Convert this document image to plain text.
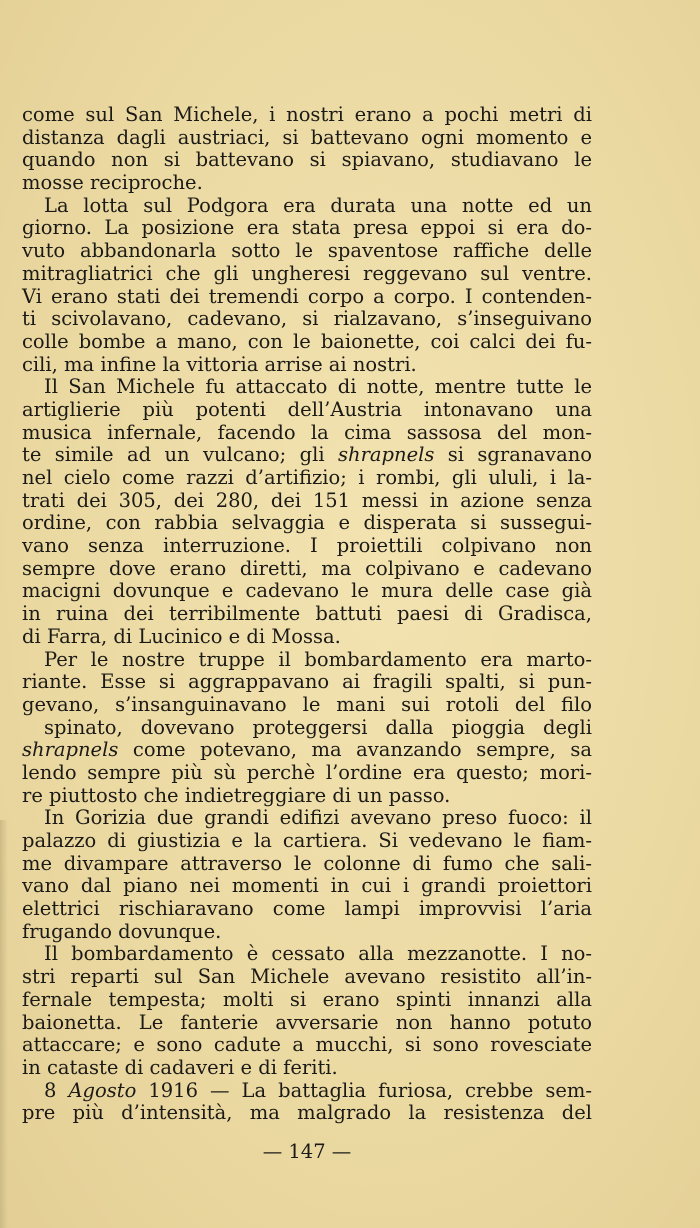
come sul San Michele, i nostri erano a pochi metri di
distanza dagli austriaci, si battevano ogni momento e
quando non si battevano si spiavano, studiavano le
mosse reciproche.
La lotta sul Podgora era durata una notte ed un
giorno. La posizione era stata presa eppoi si era do-
vuto abbandonarla sotto le spaventose raffiche delle
mitragliatrici che gli ungheresi reggevano sul ventre.
Vi erano stati dei tremendi corpo a corpo. I contenden-
ti scivolavano, cadevano, si rialzavano, s’inseguivano
colle bombe a mano, con le baionette, coi calci dei fu-
cili, ma infine la vittoria arrise ai nostri.
Il San Michele fu attaccato di notte, mentre tutte le
artiglierie più potenti dell’Austria intonavano una
musica infernale, facendo la cima sassosa del mon-
te simile ad un vulcano; gli shrapnels si sgranavano
nel cielo come razzi d’artifizio; i rombi, gli ululi, i la-
trati dei 305, dei 280, dei 151 messi in azione senza
ordine, con rabbia selvaggia e disperata si sussegui-
vano senza interruzione. I proiettili colpivano non
sempre dove erano diretti, ma colpivano e cadevano
macigni dovunque e cadevano le mura delle case già
in ruina dei terribilmente battuti paesi di Gradisca,
di Farra, di Lucinico e di Mossa.
Per le nostre truppe il bombardamento era marto-
riante. Esse si aggrappavano ai fragili spalti, si pun-
gevano, s’insanguinavano le mani sui rotoli del filo
spinato, dovevano proteggersi dalla pioggia degli
shrapnels come potevano, ma avanzando sempre, sa
lendo sempre più sù perchè l’ordine era questo; mori-
re piuttosto che indietreggiare di un passo.
In Gorizia due grandi edifizi avevano preso fuoco: il
palazzo di giustizia e la cartiera. Si vedevano le fiam-
me divampare attraverso le colonne di fumo che sali-
vano dal piano nei momenti in cui i grandi proiettori
elettrici rischiaravano come lampi improvvisi l’aria
frugando dovunque.
Il bombardamento è cessato alla mezzanotte. I no-
stri reparti sul San Michele avevano resistito all’in-
fernale tempesta; molti si erano spinti innanzi alla
baionetta. Le fanterie avversarie non hanno potuto
attaccare; e sono cadute a mucchi, si sono rovesciate
in cataste di cadaveri e di feriti.
8 Agosto 1916 — La battaglia furiosa, crebbe sem-
pre più d’intensità, ma malgrado la resistenza del
— 147 —
